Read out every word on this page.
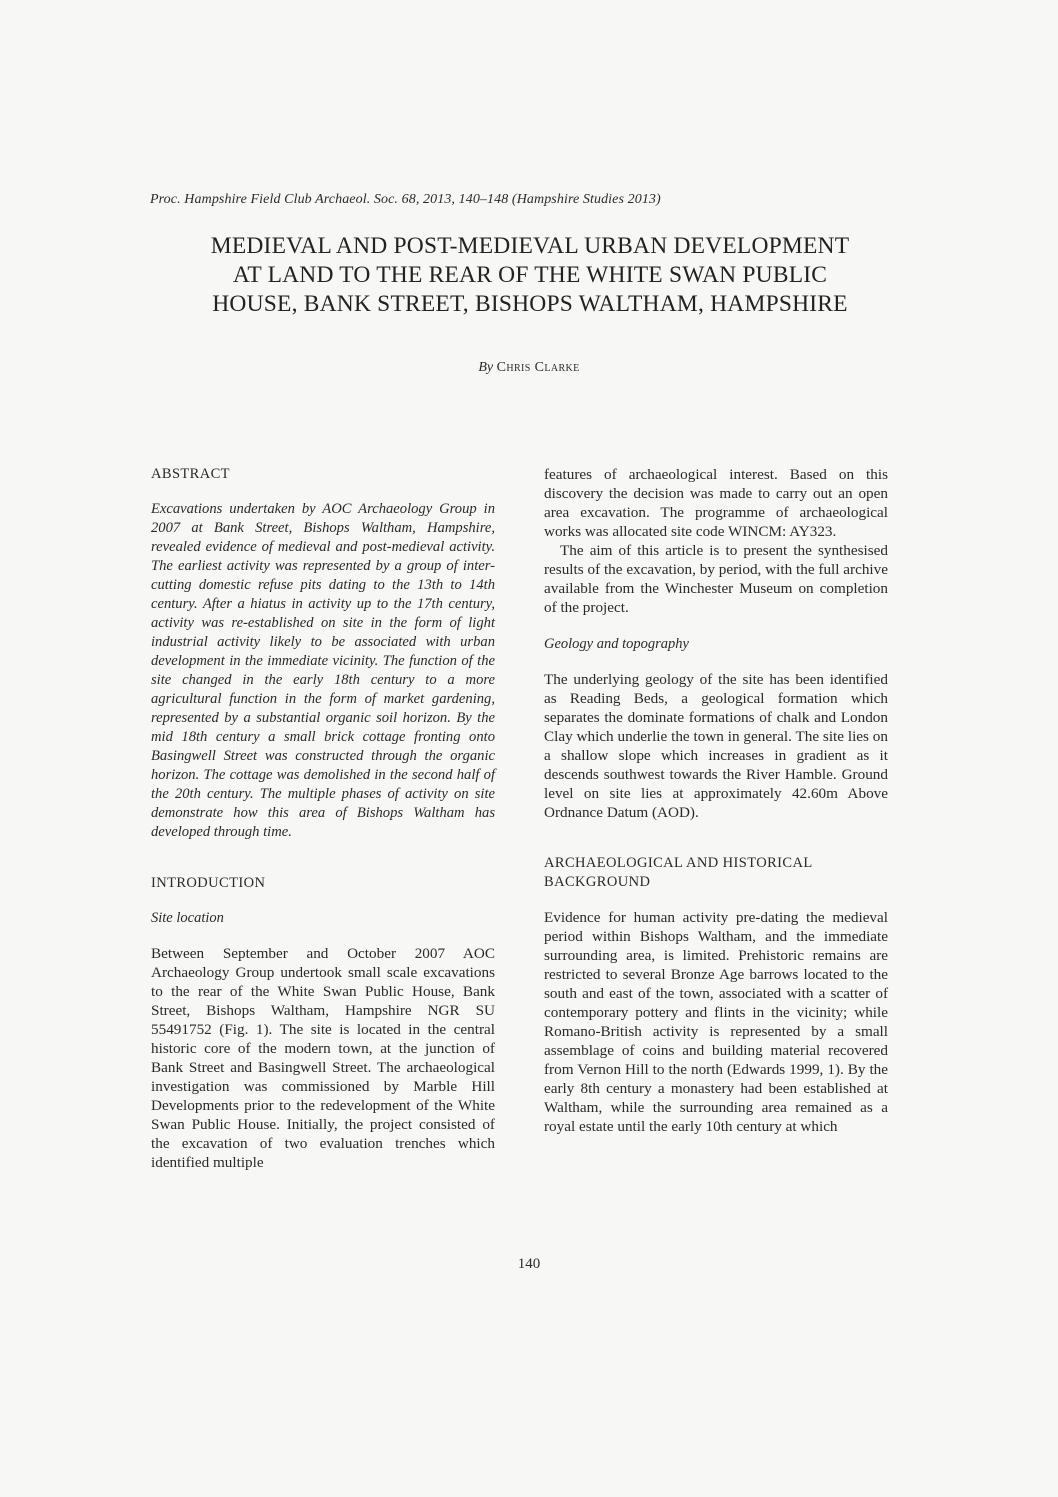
Proc. Hampshire Field Club Archaeol. Soc. 68, 2013, 140–148 (Hampshire Studies 2013)
MEDIEVAL AND POST-MEDIEVAL URBAN DEVELOPMENT
AT LAND TO THE REAR OF THE WHITE SWAN PUBLIC
HOUSE, BANK STREET, BISHOPS WALTHAM, HAMPSHIRE
By Chris Clarke
ABSTRACT

Excavations undertaken by AOC Archaeology Group in 2007 at Bank Street, Bishops Waltham, Hampshire, revealed evidence of medieval and post-medieval activity. The earliest activity was represented by a group of inter-cutting domestic refuse pits dating to the 13th to 14th century. After a hiatus in activity up to the 17th century, activity was re-established on site in the form of light industrial activity likely to be associated with urban development in the immediate vicinity. The function of the site changed in the early 18th century to a more agricultural function in the form of market gardening, represented by a substantial organic soil horizon. By the mid 18th century a small brick cottage fronting onto Basingwell Street was constructed through the organic horizon. The cottage was demolished in the second half of the 20th century. The multiple phases of activity on site demonstrate how this area of Bishops Waltham has developed through time.

INTRODUCTION
Site location

Between September and October 2007 AOC Archaeology Group undertook small scale excavations to the rear of the White Swan Public House, Bank Street, Bishops Waltham, Hampshire NGR SU 55491752 (Fig. 1). The site is located in the central historic core of the modern town, at the junction of Bank Street and Basingwell Street. The archaeological investigation was commissioned by Marble Hill Developments prior to the redevelopment of the White Swan Public House. Initially, the project consisted of the excavation of two evaluation trenches which identified multiple

features of archaeological interest. Based on this discovery the decision was made to carry out an open area excavation. The programme of archaeological works was allocated site code WINCM: AY323.

The aim of this article is to present the synthesised results of the excavation, by period, with the full archive available from the Winchester Museum on completion of the project.

Geology and topography

The underlying geology of the site has been identified as Reading Beds, a geological formation which separates the dominate formations of chalk and London Clay which underlie the town in general. The site lies on a shallow slope which increases in gradient as it descends southwest towards the River Hamble. Ground level on site lies at approximately 42.60m Above Ordnance Datum (AOD).

ARCHAEOLOGICAL AND HISTORICAL BACKGROUND

Evidence for human activity pre-dating the medieval period within Bishops Waltham, and the immediate surrounding area, is limited. Prehistoric remains are restricted to several Bronze Age barrows located to the south and east of the town, associated with a scatter of contemporary pottery and flints in the vicinity; while Romano-British activity is represented by a small assemblage of coins and building material recovered from Vernon Hill to the north (Edwards 1999, 1). By the early 8th century a monastery had been established at Waltham, while the surrounding area remained as a royal estate until the early 10th century at which

140
